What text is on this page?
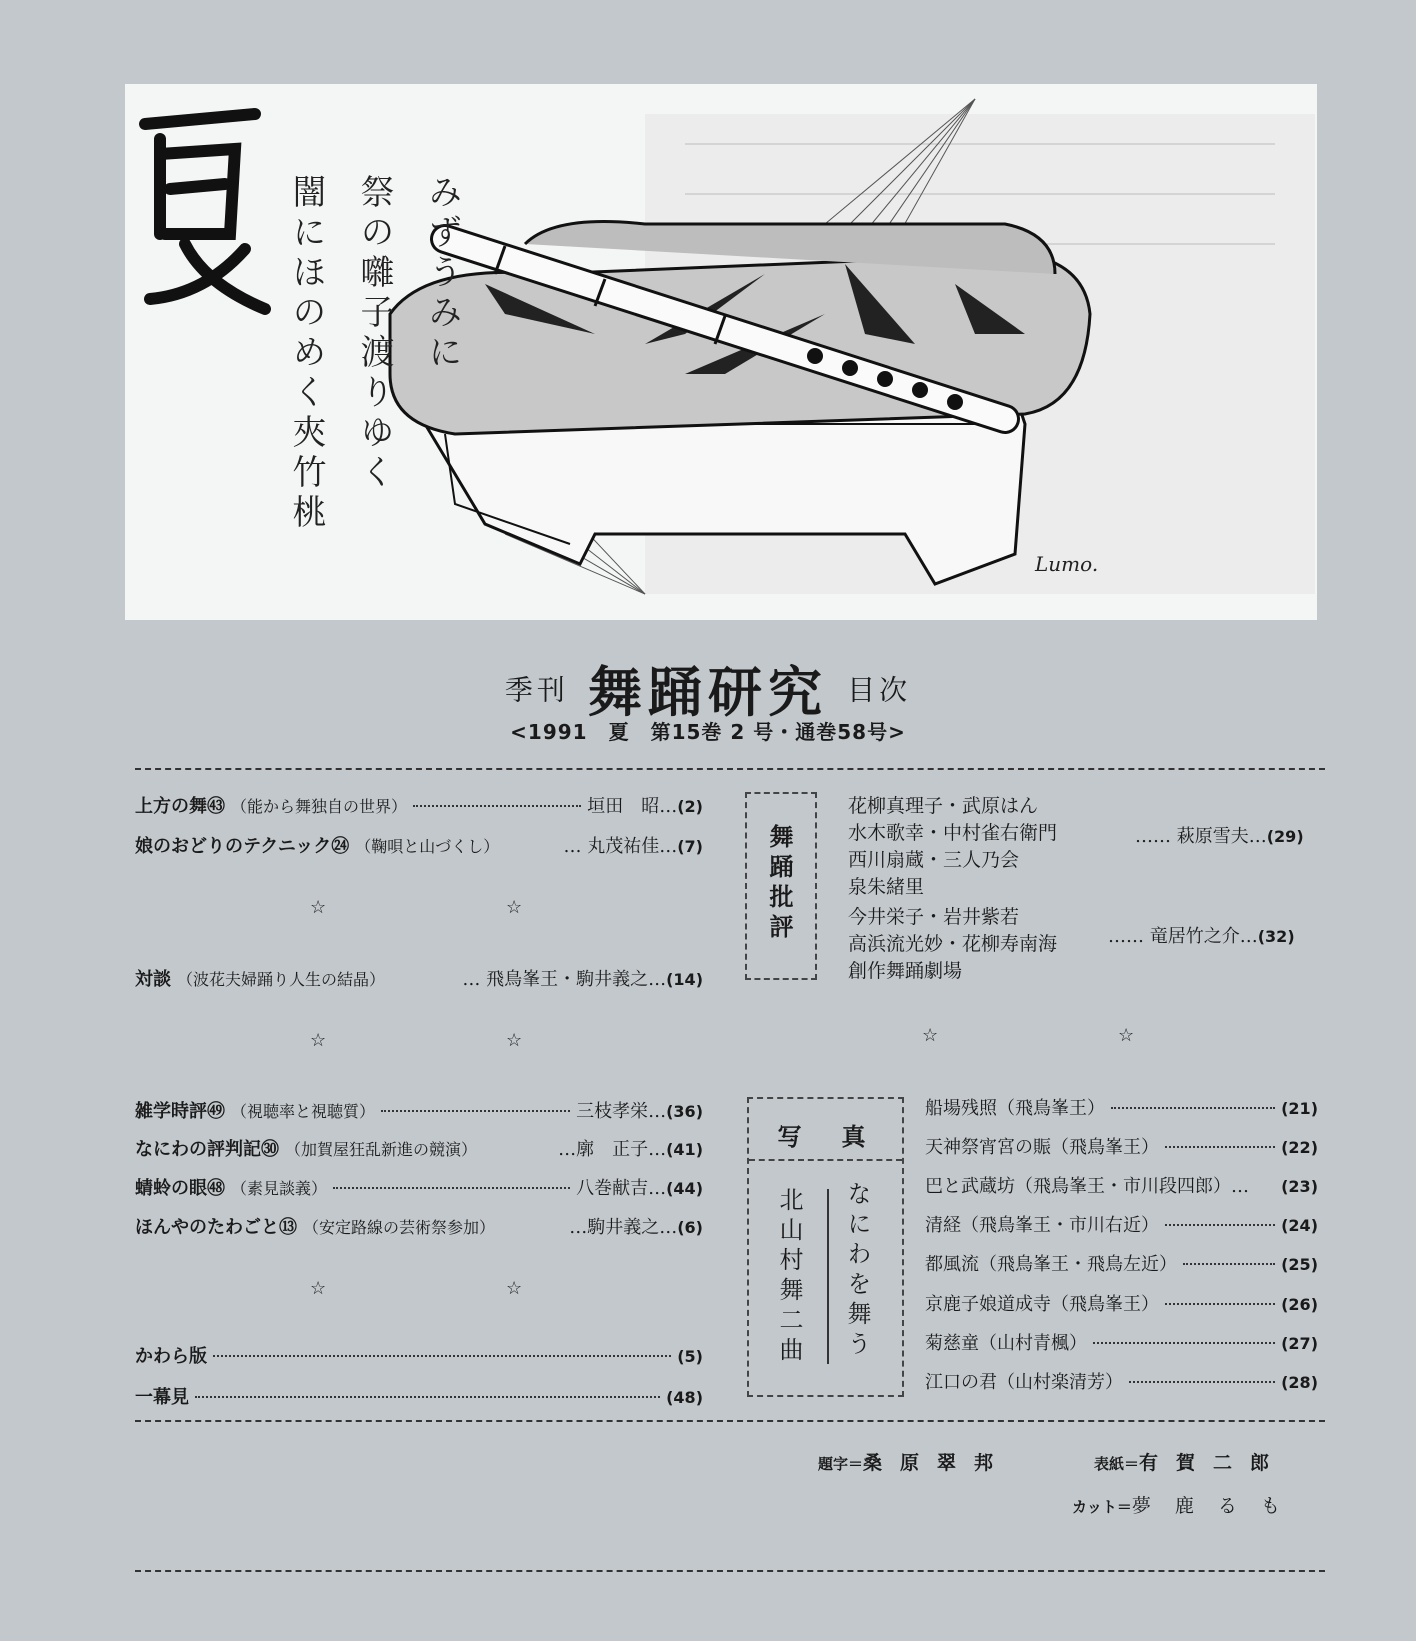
みずうみに
祭の囃子渡りゆく
闇にほのめく夾竹桃
Lumo.
季刊 舞踊研究 目次
<1991　夏　第15巻 2 号・通巻58号>
上方の舞㊸ （能から舞独自の世界）	垣田　昭… (2)
娘のおどりのテクニック㉔ （鞠唄と山づくし）	… 丸茂祐佳… (7)
☆	☆
対談 （波花夫婦踊り人生の結晶）	… 飛鳥峯王・駒井義之… (14)
☆	☆
雑学時評㊾ （視聴率と視聴質）	三枝孝栄… (36)
なにわの評判記㉚ （加賀屋狂乱新進の競演）	…廓　正子… (41)
蜻蛉の眼㊽ （素見談義）	八巻献吉… (44)
ほんやのたわごと⑬ （安定路線の芸術祭参加）	…駒井義之… (6)
☆	☆
かわら版	(5)
一幕見	(48)
舞踊批評
花柳真理子・武原はん
水木歌幸・中村雀右衛門
西川扇蔵・三人乃会
泉朱緒里
…… 萩原雪夫… (29)
今井栄子・岩井紫若
高浜流光妙・花柳寿南海
創作舞踊劇場
…… 竜居竹之介… (32)
☆	☆
写　真
なにわを舞う
北山村舞二曲
船場残照（飛鳥峯王）	(21)
天神祭宵宮の賑（飛鳥峯王）	(22)
巴と武蔵坊（飛鳥峯王・市川段四郎）… (23)
清経（飛鳥峯王・市川右近）	(24)
都風流（飛鳥峯王・飛鳥左近）	(25)
京鹿子娘道成寺（飛鳥峯王）	(26)
菊慈童（山村青楓）	(27)
江口の君（山村楽清芳）	(28)
題字＝桑原翠邦	表紙＝有賀二郎
カット＝夢鹿るも
